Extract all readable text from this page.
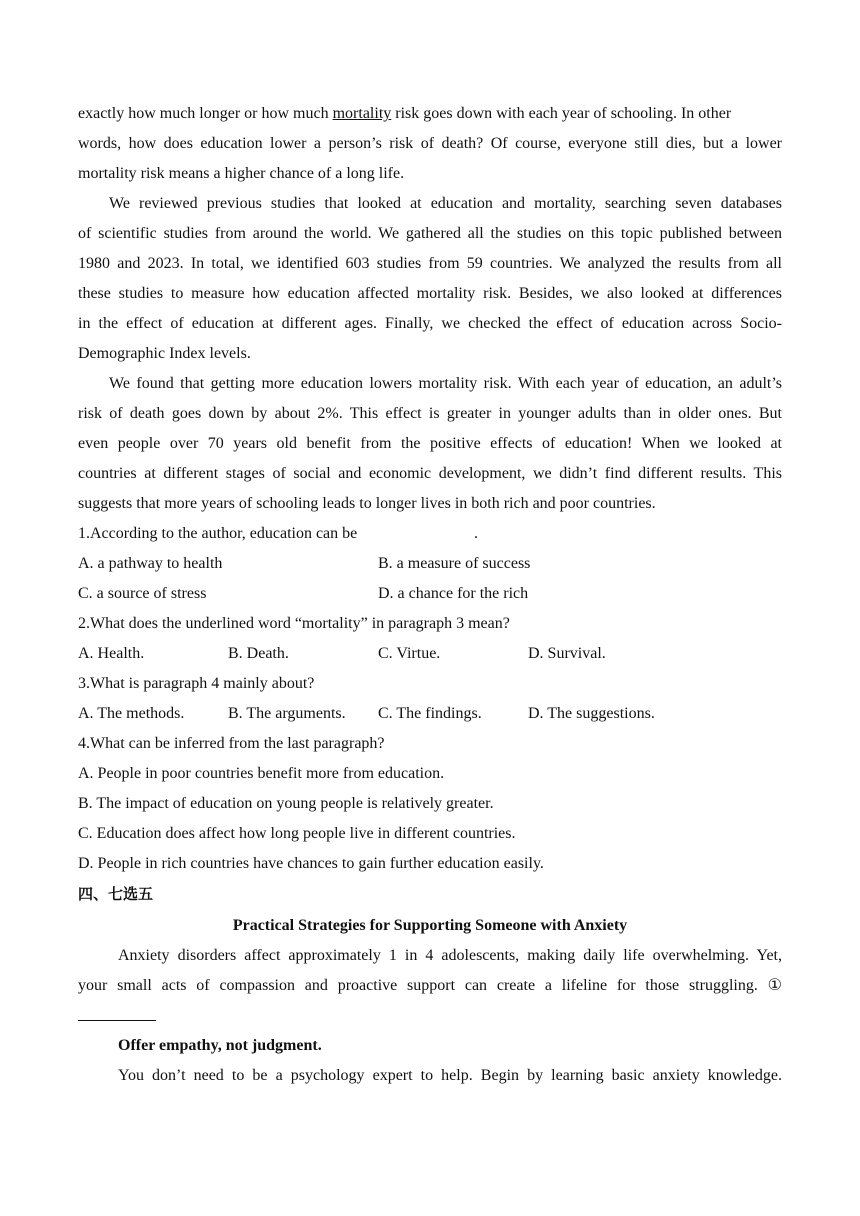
exactly how much longer or how much mortality risk goes down with each year of schooling. In other
words, how does education lower a person’s risk of death? Of course, everyone still dies, but a lower
mortality risk means a higher chance of a long life.
We reviewed previous studies that looked at education and mortality, searching seven databases
of scientific studies from around the world. We gathered all the studies on this topic published between
1980 and 2023. In total, we identified 603 studies from 59 countries. We analyzed the results from all
these studies to measure how education affected mortality risk. Besides, we also looked at differences
in the effect of education at different ages. Finally, we checked the effect of education across Socio-
Demographic Index levels.
We found that getting more education lowers mortality risk. With each year of education, an adult’s
risk of death goes down by about 2%. This effect is greater in younger adults than in older ones. But
even people over 70 years old benefit from the positive effects of education! When we looked at
countries at different stages of social and economic development, we didn’t find different results. This
suggests that more years of schooling leads to longer lives in both rich and poor countries.
1.According to the author, education can be	.
A. a pathway to health	B. a measure of success
C. a source of stress	D. a chance for the rich
2.What does the underlined word “mortality” in paragraph 3 mean?
A. Health.	B. Death.	C. Virtue.	D. Survival.
3.What is paragraph 4 mainly about?
A. The methods.	B. The arguments. C. The findings.	D. The suggestions.
4.What can be inferred from the last paragraph?
A. People in poor countries benefit more from education.
B. The impact of education on young people is relatively greater.
C. Education does affect how long people live in different countries.
D. People in rich countries have chances to gain further education easily.
四、七选五
Practical Strategies for Supporting Someone with Anxiety
Anxiety disorders affect approximately 1 in 4 adolescents, making daily life overwhelming. Yet,
your small acts of compassion and proactive support can create a lifeline for those struggling. ①
Offer empathy, not judgment.
You don’t need to be a psychology expert to help. Begin by learning basic anxiety knowledge.
